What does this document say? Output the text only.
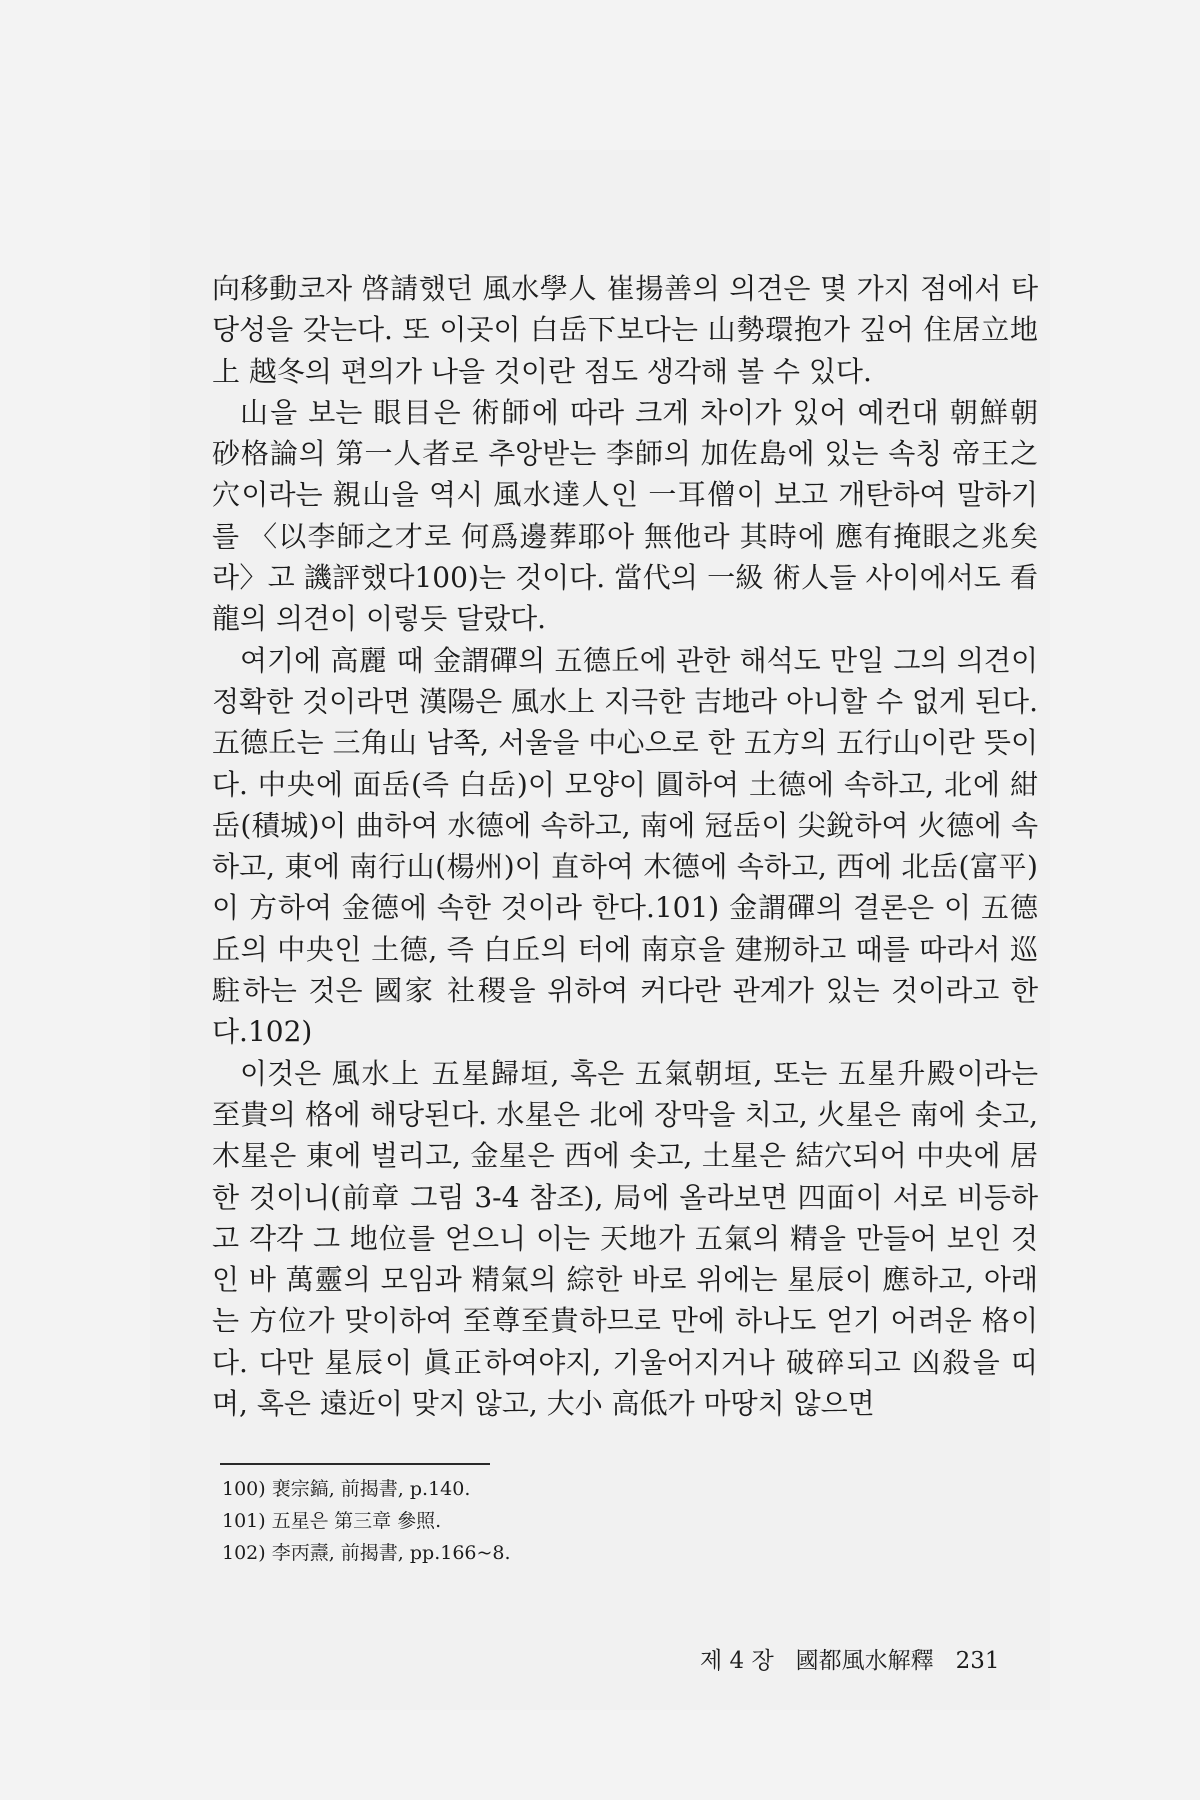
向移動코자 啓請했던 風水學人 崔揚善의 의견은 몇 가지 점에서 타당성을 갖는다. 또 이곳이 白岳下보다는 山勢環抱가 깊어 住居立地上 越冬의 편의가 나을 것이란 점도 생각해 볼 수 있다.

山을 보는 眼目은 術師에 따라 크게 차이가 있어 예컨대 朝鮮朝 砂格論의 第一人者로 추앙받는 李師의 加佐島에 있는 속칭 帝王之穴이라는 親山을 역시 風水達人인 一耳僧이 보고 개탄하여 말하기를 〈以李師之才로 何爲邊葬耶아 無他라 其時에 應有掩眼之兆矣라〉고 譏評했다100)는 것이다. 當代의 一級 術人들 사이에서도 看龍의 의견이 이렇듯 달랐다.

여기에 高麗 때 金謂磾의 五德丘에 관한 해석도 만일 그의 의견이 정확한 것이라면 漢陽은 風水上 지극한 吉地라 아니할 수 없게 된다. 五德丘는 三角山 남쪽, 서울을 中心으로 한 五方의 五行山이란 뜻이다. 中央에 面岳(즉 白岳)이 모양이 圓하여 土德에 속하고, 北에 紺岳(積城)이 曲하여 水德에 속하고, 南에 冠岳이 尖銳하여 火德에 속하고, 東에 南行山(楊州)이 直하여 木德에 속하고, 西에 北岳(富平)이 方하여 金德에 속한 것이라 한다.101) 金謂磾의 결론은 이 五德丘의 中央인 土德, 즉 白丘의 터에 南京을 建剏하고 때를 따라서 巡駐하는 것은 國家 社稷을 위하여 커다란 관계가 있는 것이라고 한다.102)

이것은 風水上 五星歸垣, 혹은 五氣朝垣, 또는 五星升殿이라는 至貴의 格에 해당된다. 水星은 北에 장막을 치고, 火星은 南에 솟고, 木星은 東에 벌리고, 金星은 西에 솟고, 土星은 結穴되어 中央에 居한 것이니(前章 그림 3-4 참조), 局에 올라보면 四面이 서로 비등하고 각각 그 地位를 얻으니 이는 天地가 五氣의 精을 만들어 보인 것인 바 萬靈의 모임과 精氣의 綜한 바로 위에는 星辰이 應하고, 아래는 方位가 맞이하여 至尊至貴하므로 만에 하나도 얻기 어려운 格이다. 다만 星辰이 眞正하여야지, 기울어지거나 破碎되고 凶殺을 띠며, 혹은 遠近이 맞지 않고, 大小 高低가 마땅치 않으면

100) 裵宗鎬, 前揭書, p.140.
101) 五星은 第三章 參照.
102) 李丙燾, 前揭書, pp.166~8.
제 4 장 國都風水解釋 231
